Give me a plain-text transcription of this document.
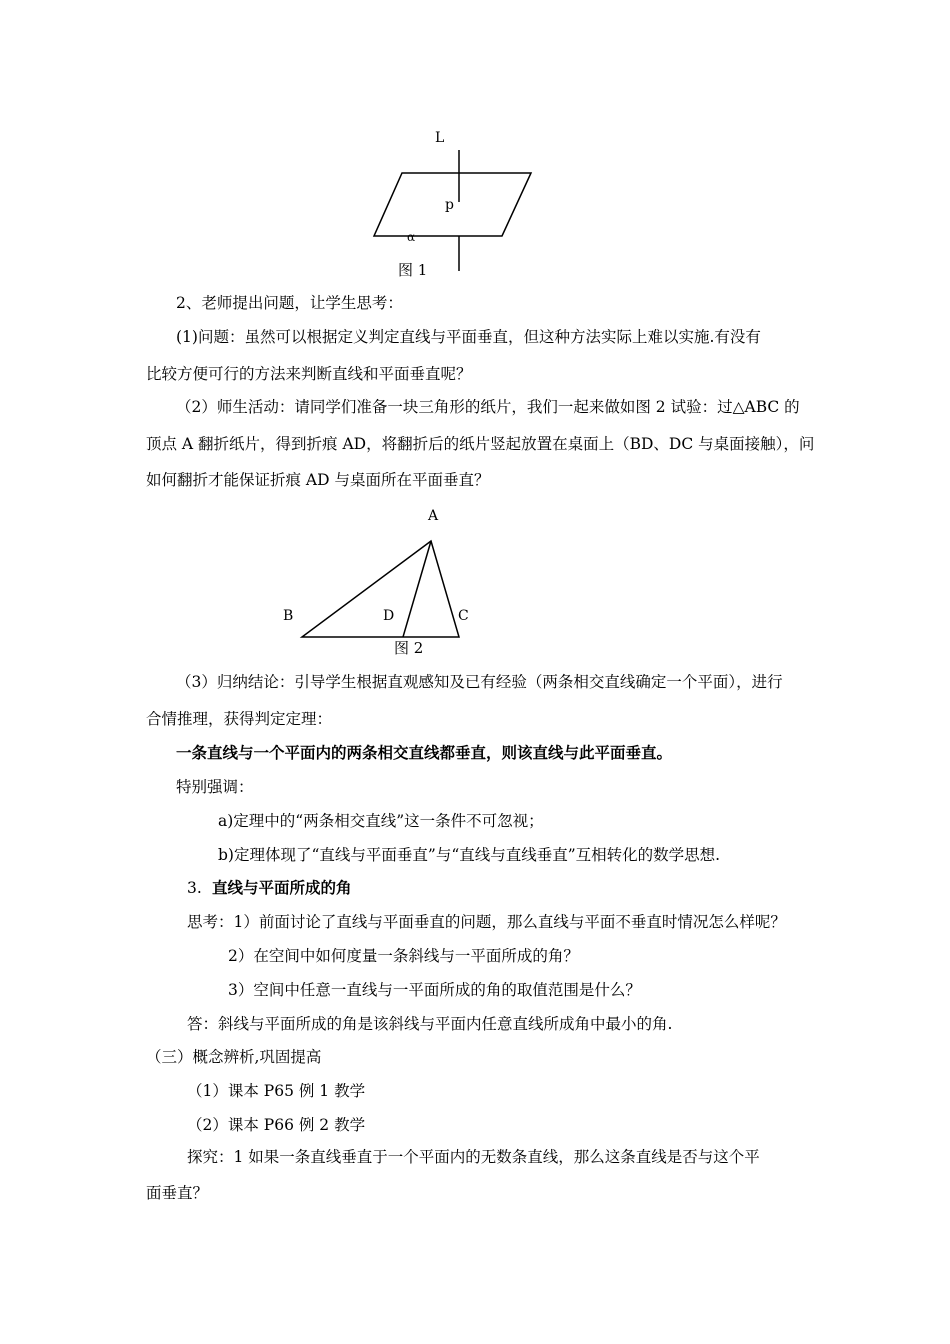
L
p
α
图 1
A
B	D	C
图 2
2、老师提出问题，让学生思考：
(1)问题：虽然可以根据定义判定直线与平面垂直，但这种方法实际上难以实施.有没有
比较方便可行的方法来判断直线和平面垂直呢？
（2）师生活动：请同学们准备一块三角形的纸片，我们一起来做如图 2 试验：过△ABC 的
顶点 A 翻折纸片，得到折痕 AD，将翻折后的纸片竖起放置在桌面上（BD、DC 与桌面接触），问
如何翻折才能保证折痕 AD 与桌面所在平面垂直？
（3）归纳结论：引导学生根据直观感知及已有经验（两条相交直线确定一个平面），进行
合情推理，获得判定定理：
一条直线与一个平面内的两条相交直线都垂直，则该直线与此平面垂直。
特别强调：
a)定理中的“两条相交直线”这一条件不可忽视；
b)定理体现了“直线与平面垂直”与“直线与直线垂直”互相转化的数学思想.
3. 直线与平面所成的角
思考：1）前面讨论了直线与平面垂直的问题，那么直线与平面不垂直时情况怎么样呢？
2）在空间中如何度量一条斜线与一平面所成的角？
3）空间中任意一直线与一平面所成的角的取值范围是什么？
答：斜线与平面所成的角是该斜线与平面内任意直线所成角中最小的角.
（三）概念辨析,巩固提高
（1）课本 P65 例 1 教学
（2）课本 P66 例 2 教学
探究：1 如果一条直线垂直于一个平面内的无数条直线，那么这条直线是否与这个平
面垂直？
